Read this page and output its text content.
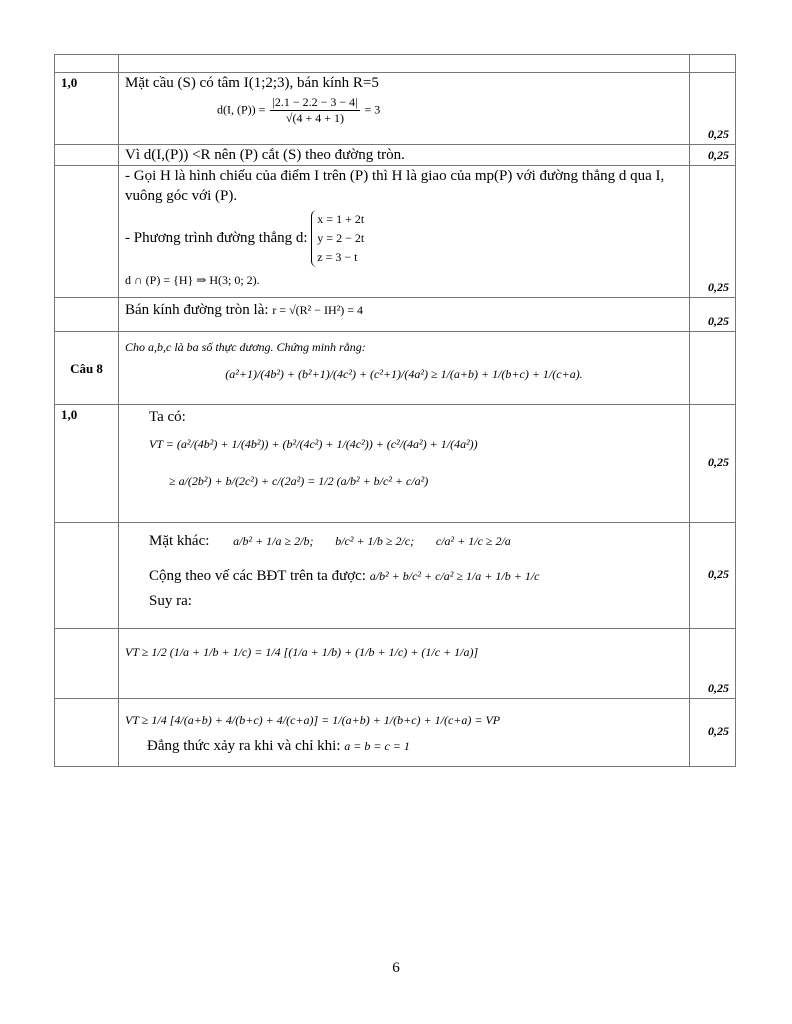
1,0	Mặt cầu (S) có tâm I(1;2;3), bán kính R=5
d(I, $(P)) = \frac{|2.1 - 2.2 - 3 - 4|}{√(4 + 4 + 1)} = 3$	0,25
	Vì d(I,(P)) <R nên (P) cắt (S) theo đường tròn.	0,25

	- Gọi H là hình chiếu của điểm I trên (P) thì H là giao của mp(P) với đường thẳng d qua I, vuông góc với (P).
- Phương trình đường thẳng d: x = 1 + 2t
y = 2 − 2t
z = 3 − t
d ∩ (P) = {H} ⇒ H(3; 0; 2).	0,25

	Bán kính đường tròn là: r = √(R² − IH²) = 4	0,25
Câu 8	Cho a,b,c là ba số thực dương. Chứng minh rằng:
(a²+1)/(4b²) + (b²+1)/(4c²) + (c²+1)/(4a²) ≥ 1/(a+b) + 1/(b+c) + 1/(c+a).	

1,0	Ta có:
VT = (a²/(4b²) + 1/(4b²)) + (b²/(4c²) + 1/(4c²)) + (c²/(4a²) + 1/(4a²))
≥ a/(2b²) + b/(2c²) + c/(2a²) = 1/2 (a/b² + b/c² + c/a²)	0,25

	Mặt khác: a/b² + 1/a ≥ 2/b; b/c² + 1/b ≥ 2/c; c/a² + 1/c ≥ 2/a
Cộng theo vế các BĐT trên ta được: a/b² + b/c² + c/a² ≥ 1/a + 1/b + 1/c
Suy ra:	0,25

	VT ≥ 1/2 (1/a + 1/b + 1/c) = 1/4 [(1/a + 1/b) + (1/b + 1/c) + (1/c + 1/a)]	0,25

	VT ≥ 1/4 [4/(a+b) + 4/(b+c) + 4/(c+a)] = 1/(a+b) + 1/(b+c) + 1/(c+a) = VP
Đẳng thức xảy ra khi và chỉ khi: a = b = c = 1	0,25
6
